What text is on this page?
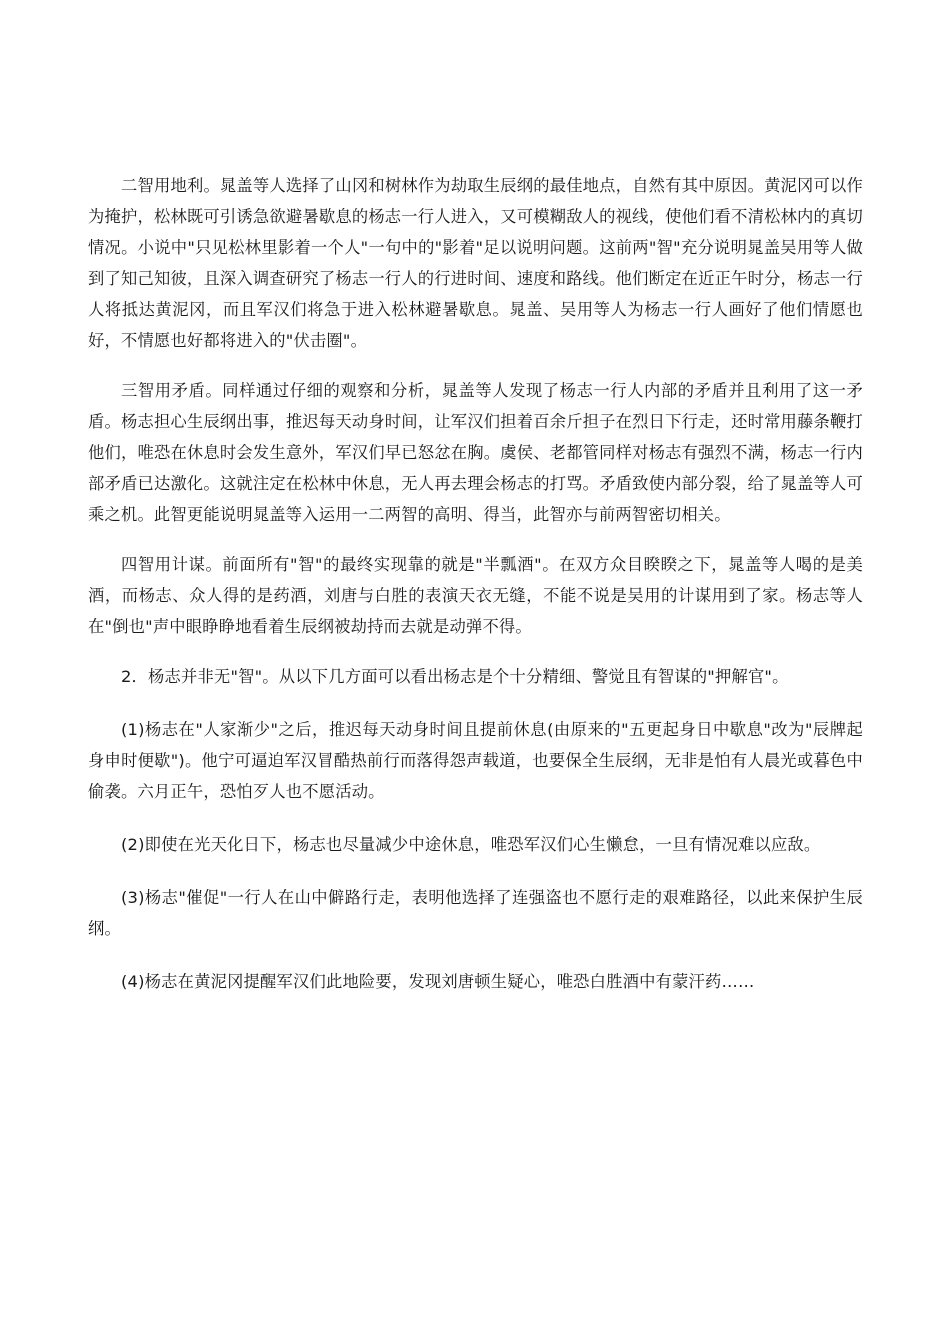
二智用地利。晁盖等人选择了山冈和树林作为劫取生辰纲的最佳地点，自然有其中原因。黄泥冈可以作为掩护，松林既可引诱急欲避暑歇息的杨志一行人进入，又可模糊敌人的视线，使他们看不清松林内的真切情况。小说中"只见松林里影着一个人"一句中的"影着"足以说明问题。这前两"智"充分说明晁盖吴用等人做到了知己知彼，且深入调查研究了杨志一行人的行进时间、速度和路线。他们断定在近正午时分，杨志一行人将抵达黄泥冈，而且军汉们将急于进入松林避暑歇息。晁盖、吴用等人为杨志一行人画好了他们情愿也好，不情愿也好都将进入的"伏击圈"。

三智用矛盾。同样通过仔细的观察和分析，晁盖等人发现了杨志一行人内部的矛盾并且利用了这一矛盾。杨志担心生辰纲出事，推迟每天动身时间，让军汉们担着百余斤担子在烈日下行走，还时常用藤条鞭打他们，唯恐在休息时会发生意外，军汉们早已怒忿在胸。虞侯、老都管同样对杨志有强烈不满，杨志一行内部矛盾已达激化。这就注定在松林中休息，无人再去理会杨志的打骂。矛盾致使内部分裂，给了晁盖等人可乘之机。此智更能说明晁盖等入运用一二两智的高明、得当，此智亦与前两智密切相关。

四智用计谋。前面所有"智"的最终实现靠的就是"半瓢酒"。在双方众目睽睽之下，晁盖等人喝的是美酒，而杨志、众人得的是药酒，刘唐与白胜的表演天衣无缝，不能不说是吴用的计谋用到了家。杨志等人在"倒也"声中眼睁睁地看着生辰纲被劫持而去就是动弹不得。

2．杨志并非无"智"。从以下几方面可以看出杨志是个十分精细、警觉且有智谋的"押解官"。

(1)杨志在"人家渐少"之后，推迟每天动身时间且提前休息(由原来的"五更起身日中歇息"改为"辰牌起身申时便歇")。他宁可逼迫军汉冒酷热前行而落得怨声载道，也要保全生辰纲，无非是怕有人晨光或暮色中偷袭。六月正午，恐怕歹人也不愿活动。

(2)即使在光天化日下，杨志也尽量减少中途休息，唯恐军汉们心生懒怠，一旦有情况难以应敌。

(3)杨志"催促"一行人在山中僻路行走，表明他选择了连强盗也不愿行走的艰难路径，以此来保护生辰纲。

(4)杨志在黄泥冈提醒军汉们此地险要，发现刘唐顿生疑心，唯恐白胜酒中有蒙汗药……
